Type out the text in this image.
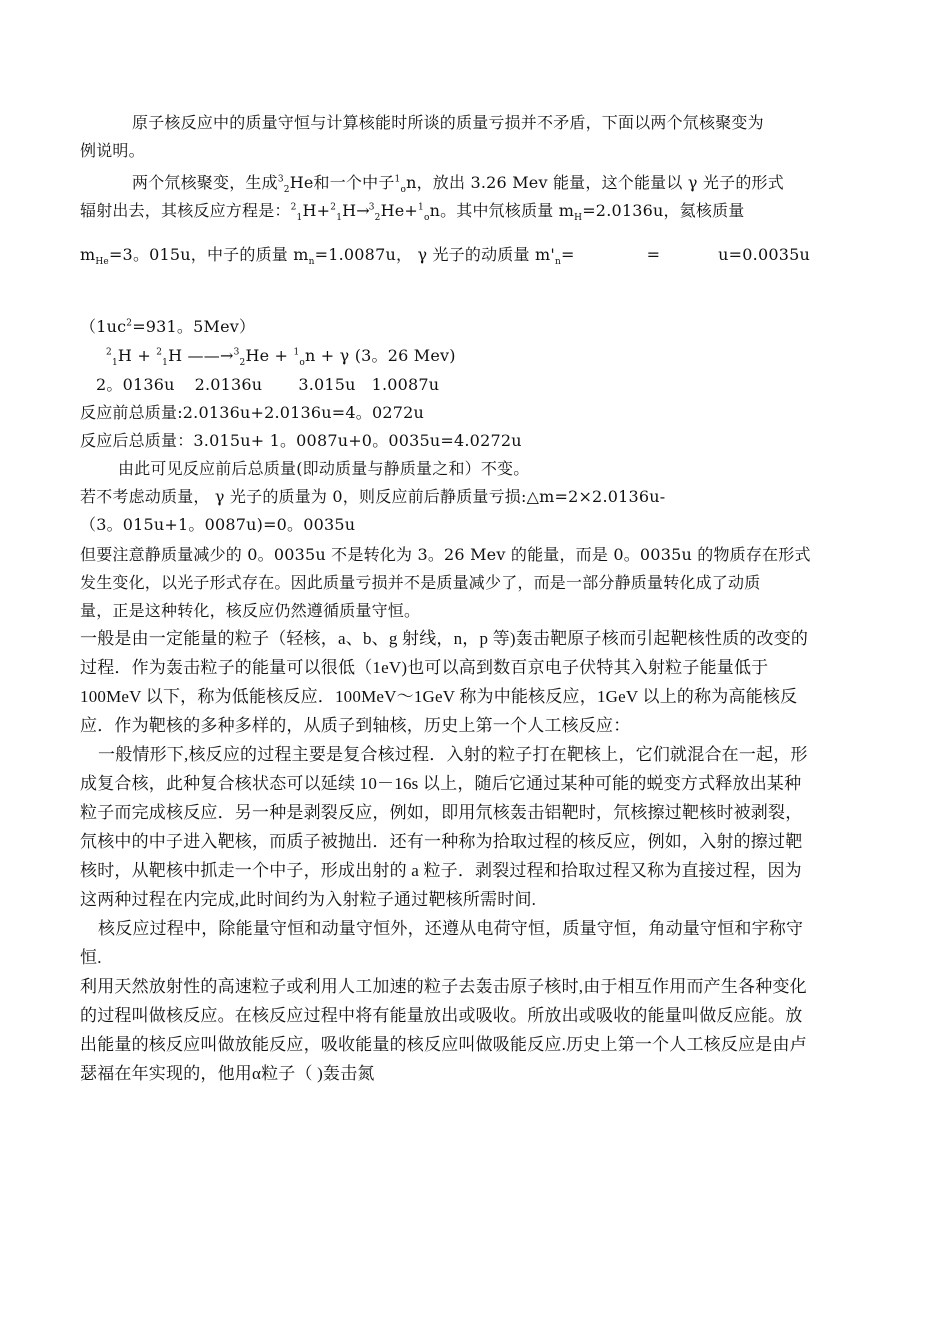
原子核反应中的质量守恒与计算核能时所谈的质量亏损并不矛盾，下面以两个氘核聚变为
例说明。
两个氘核聚变，生成$^3_2$He和一个中子$^1_o$n，放出 3.26 Mev 能量，这个能量以 γ 光子的形式
辐射出去，其核反应方程是：$^2_1$H+$^2_1$H→$^3_2$He+$^1_o$n。其中氘核质量 $m_H=2.0136u$，氦核质量
$m_{He}=3$。015u，中子的质量 $m_n=1.0087u$， γ 光子的动质量 $m'_n=$	=	u=0.0035u
（$1uc^2=931$。5Mev）
$^2_1$H + $^2_1$H ——→$^3_2$He + $^1_o$n + γ (3。26 Mev)
2。0136u 2.0136u 3.015u 1.0087u
反应前总质量:2.0136u+2.0136u=4。0272u
反应后总质量：3.015u+ 1。0087u+0。0035u=4.0272u
由此可见反应前后总质量(即动质量与静质量之和）不变。
若不考虑动质量， γ 光子的质量为 0，则反应前后静质量亏损:△m=2×2.0136u-
（3。015u+1。0087u)=0。0035u
但要注意静质量减少的 0。0035u 不是转化为 3。26 Mev 的能量，而是 0。0035u 的物质存在形式
发生变化，以光子形式存在。因此质量亏损并不是质量减少了，而是一部分静质量转化成了动质
量，正是这种转化，核反应仍然遵循质量守恒。
一般是由一定能量的粒子（轻核，a、b、g 射线，n，p 等)轰击靶原子核而引起靶核性质的改变的
过程．作为轰击粒子的能量可以很低（1eV)也可以高到数百京电子伏特其入射粒子能量低于
100MeV 以下，称为低能核反应．100MeV～1GeV 称为中能核反应，1GeV 以上的称为高能核反
应．作为靶核的多种多样的，从质子到轴核，历史上第一个人工核反应：
一般情形下,核反应的过程主要是复合核过程．入射的粒子打在靶核上，它们就混合在一起，形
成复合核，此种复合核状态可以延续 10－16s 以上，随后它通过某种可能的蜕变方式释放出某种
粒子而完成核反应．另一种是剥裂反应，例如，即用氘核轰击铝靶时，氘核擦过靶核时被剥裂，
氘核中的中子进入靶核，而质子被抛出．还有一种称为拾取过程的核反应，例如，入射的擦过靶
核时，从靶核中抓走一个中子，形成出射的 a 粒子．剥裂过程和拾取过程又称为直接过程，因为
这两种过程在内完成,此时间约为入射粒子通过靶核所需时间.
核反应过程中，除能量守恒和动量守恒外，还遵从电荷守恒，质量守恒，角动量守恒和宇称守
恒.
利用天然放射性的高速粒子或利用人工加速的粒子去轰击原子核时,由于相互作用而产生各种变化
的过程叫做核反应。在核反应过程中将有能量放出或吸收。所放出或吸收的能量叫做反应能。放
出能量的核反应叫做放能反应，吸收能量的核反应叫做吸能反应.历史上第一个人工核反应是由卢
瑟福在年实现的，他用α粒子（ )轰击氮
